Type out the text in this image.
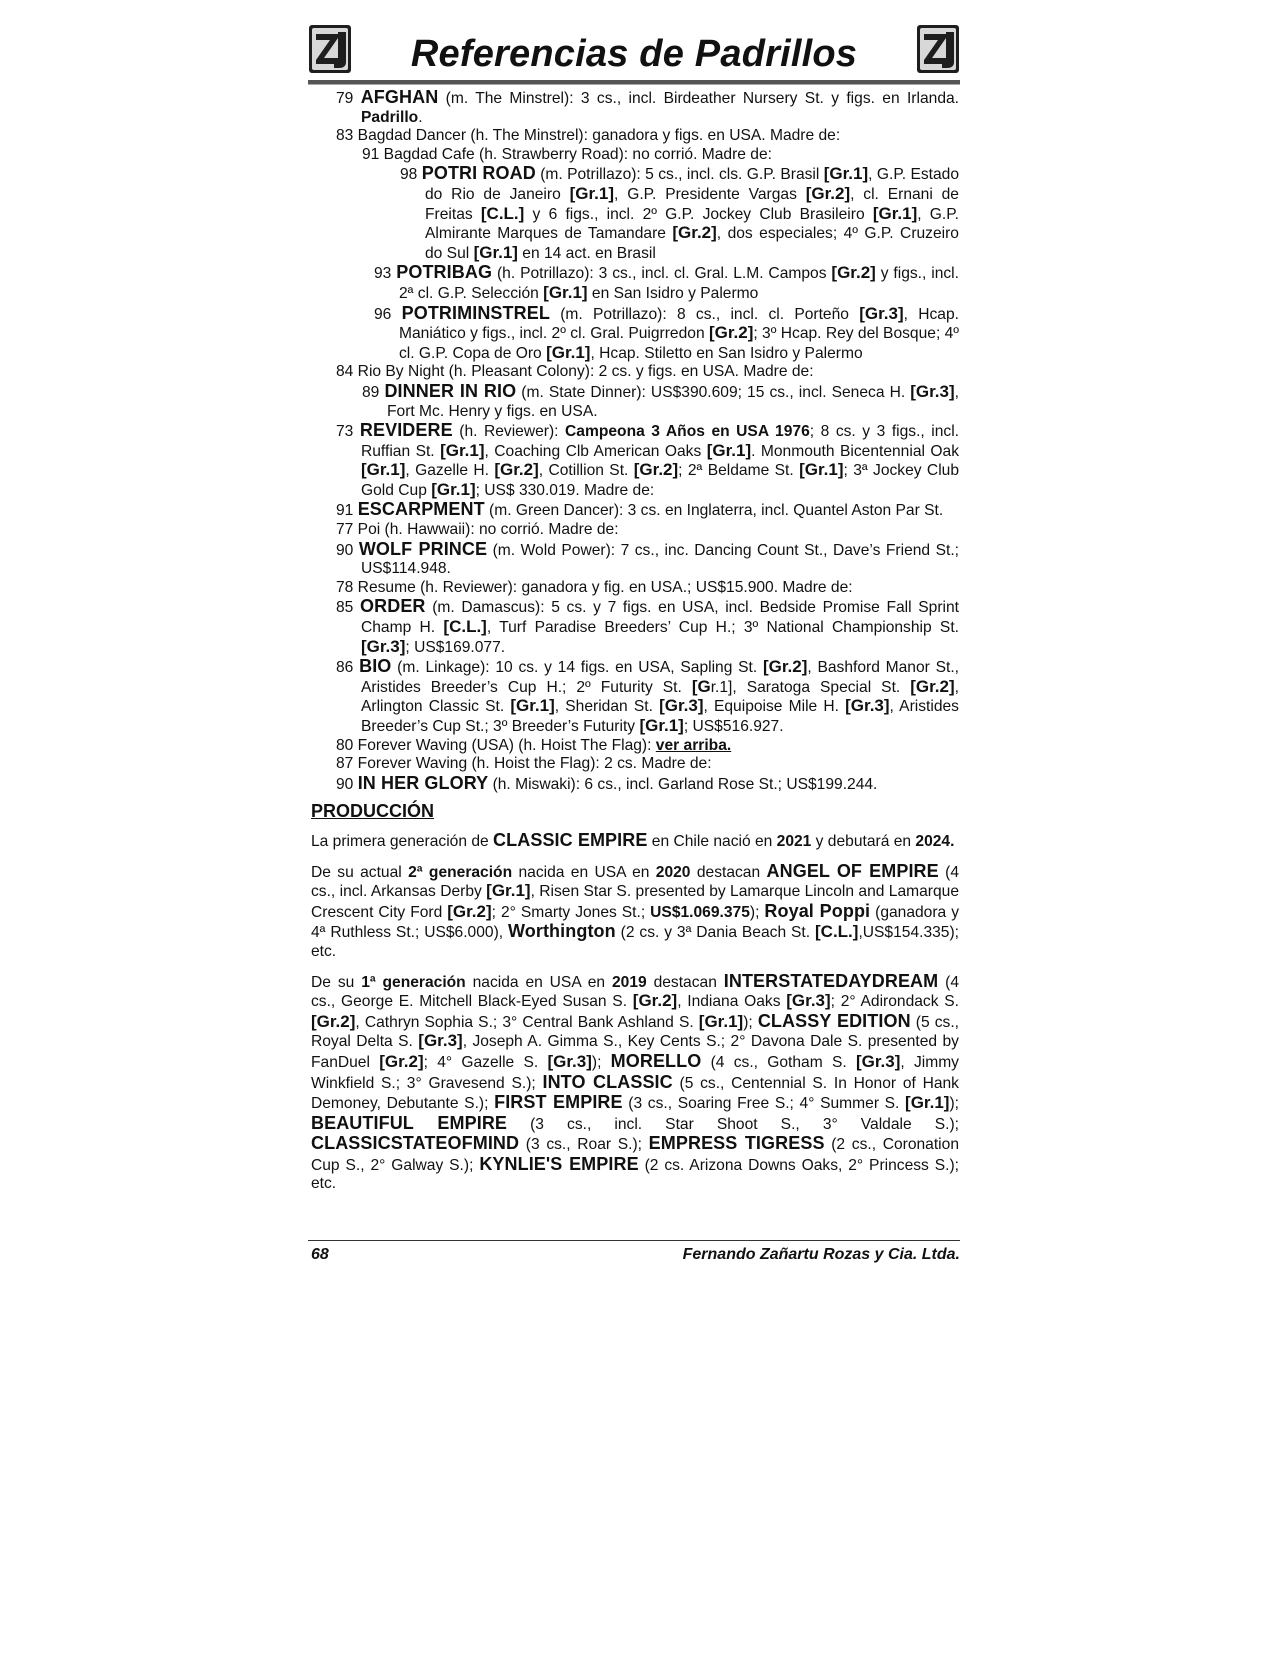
Referencias de Padrillos

79 AFGHAN (m. The Minstrel): 3 cs., incl. Birdeather Nursery St. y figs. en Irlanda. Padrillo.

83 Bagdad Dancer (h. The Minstrel): ganadora y figs. en USA. Madre de:

91 Bagdad Cafe (h. Strawberry Road): no corrió. Madre de:

98 POTRI ROAD (m. Potrillazo): 5 cs., incl. cls. G.P. Brasil [Gr.1], G.P. Estado do Rio de Janeiro [Gr.1], G.P. Presidente Vargas [Gr.2], cl. Ernani de Freitas [C.L.] y 6 figs., incl. 2º G.P. Jockey Club Brasileiro [Gr.1], G.P. Almirante Marques de Tamandare [Gr.2], dos especiales; 4º G.P. Cruzeiro do Sul [Gr.1] en 14 act. en Brasil

93 POTRIBAG (h. Potrillazo): 3 cs., incl. cl. Gral. L.M. Campos [Gr.2] y figs., incl. 2ª cl. G.P. Selección [Gr.1] en San Isidro y Palermo

96 POTRIMINSTREL (m. Potrillazo): 8 cs., incl. cl. Porteño [Gr.3], Hcap. Maniático y figs., incl. 2º cl. Gral. Puigrredon [Gr.2]; 3º Hcap. Rey del Bosque; 4º cl. G.P. Copa de Oro [Gr.1], Hcap. Stiletto en San Isidro y Palermo

84 Rio By Night (h. Pleasant Colony): 2 cs. y figs. en USA. Madre de:

89 DINNER IN RIO (m. State Dinner): US$390.609; 15 cs., incl. Seneca H. [Gr.3], Fort Mc. Henry y figs. en USA.

73 REVIDERE (h. Reviewer): Campeona 3 Años en USA 1976; 8 cs. y 3 figs., incl. Ruffian St. [Gr.1], Coaching Clb American Oaks [Gr.1]. Monmouth Bicentennial Oak [Gr.1], Gazelle H. [Gr.2], Cotillion St. [Gr.2]; 2ª Beldame St. [Gr.1]; 3ª Jockey Club Gold Cup [Gr.1]; US$ 330.019. Madre de:

91 ESCARPMENT (m. Green Dancer): 3 cs. en Inglaterra, incl. Quantel Aston Par St.

77 Poi (h. Hawwaii): no corrió. Madre de:

90 WOLF PRINCE (m. Wold Power): 7 cs., inc. Dancing Count St., Dave’s Friend St.; US$114.948.

78 Resume (h. Reviewer): ganadora y fig. en USA.; US$15.900. Madre de:

85 ORDER (m. Damascus): 5 cs. y 7 figs. en USA, incl. Bedside Promise Fall Sprint Champ H. [C.L.], Turf Paradise Breeders’ Cup H.; 3º National Championship St. [Gr.3]; US$169.077.

86 BIO (m. Linkage): 10 cs. y 14 figs. en USA, Sapling St. [Gr.2], Bashford Manor St., Aristides Breeder’s Cup H.; 2º Futurity St. [Gr.1], Saratoga Special St. [Gr.2], Arlington Classic St. [Gr.1], Sheridan St. [Gr.3], Equipoise Mile H. [Gr.3], Aristides Breeder’s Cup St.; 3º Breeder’s Futurity [Gr.1]; US$516.927.

80 Forever Waving (USA) (h. Hoist The Flag): ver arriba.

87 Forever Waving (h. Hoist the Flag): 2 cs. Madre de:

90 IN HER GLORY (h. Miswaki): 6 cs., incl. Garland Rose St.; US$199.244.

PRODUCCIÓN

La primera generación de CLASSIC EMPIRE en Chile nació en 2021 y debutará en 2024.

De su actual 2ª generación nacida en USA en 2020 destacan ANGEL OF EMPIRE (4 cs., incl. Arkansas Derby [Gr.1], Risen Star S. presented by Lamarque Lincoln and Lamarque Crescent City Ford [Gr.2]; 2° Smarty Jones St.; US$1.069.375); Royal Poppi (ganadora y 4ª Ruthless St.; US$6.000), Worthington (2 cs. y 3ª Dania Beach St. [C.L.],US$154.335); etc.

De su 1ª generación nacida en USA en 2019 destacan INTERSTATEDAYDREAM (4 cs., George E. Mitchell Black-Eyed Susan S. [Gr.2], Indiana Oaks [Gr.3]; 2° Adirondack S. [Gr.2], Cathryn Sophia S.; 3° Central Bank Ashland S. [Gr.1]); CLASSY EDITION (5 cs., Royal Delta S. [Gr.3], Joseph A. Gimma S., Key Cents S.; 2° Davona Dale S. presented by FanDuel [Gr.2]; 4° Gazelle S. [Gr.3]); MORELLO (4 cs., Gotham S. [Gr.3], Jimmy Winkfield S.; 3° Gravesend S.); INTO CLASSIC (5 cs., Centennial S. In Honor of Hank Demoney, Debutante S.); FIRST EMPIRE (3 cs., Soaring Free S.; 4° Summer S. [Gr.1]); BEAUTIFUL EMPIRE (3 cs., incl. Star Shoot S., 3° Valdale S.); CLASSICSTATEOFMIND (3 cs., Roar S.); EMPRESS TIGRESS (2 cs., Coronation Cup S., 2° Galway S.); KYNLIE'S EMPIRE (2 cs. Arizona Downs Oaks, 2° Princess S.); etc.

68	Fernando Zañartu Rozas y Cia. Ltda.
